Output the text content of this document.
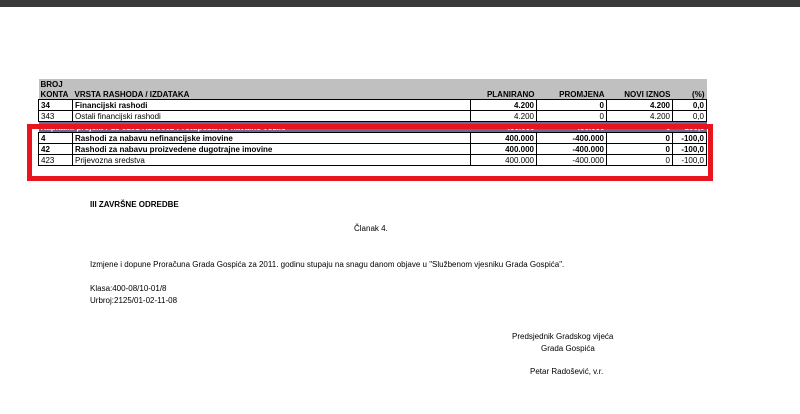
BROJ					
KONTA	VRSTA RASHODA / IZDATAKA	PLANIRANO	PROMJENA	NOVI IZNOS	(%)
34	Financijski rashodi	4.200	0	4.200	0,0
343	Ostali financijski rashodi	4.200	0	4.200	0,0
Kapitalni projekt P13 0101 K100002 Protupožarno navalno vozilo		400.000	-400.000	0	-100,0
4	Rashodi za nabavu nefinancijske imovine	400.000	-400.000	0	-100,0
42	Rashodi za nabavu proizvedene dugotrajne imovine	400.000	-400.000	0	-100,0
423	Prijevozna sredstva	400.000	-400.000	0	-100,0
III ZAVRŠNE ODREDBE
Članak 4.
Izmjene i dopune Proračuna Grada Gospića za 2011. godinu stupaju na snagu danom objave u "Službenom vjesniku Grada Gospića".
Klasa:400-08/10-01/8
Urbroj:2125/01-02-11-08
Predsjednik Gradskog vijeća
Grada Gospića
Petar Radošević, v.r.
